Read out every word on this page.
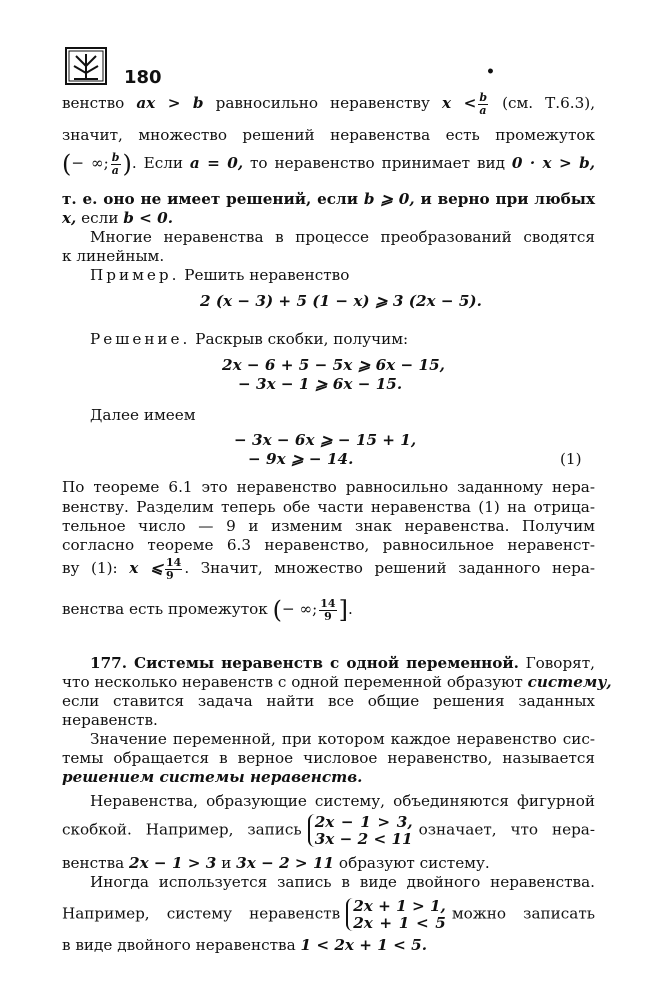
180	•
венство ax > b равносильно неравенству $x < \frac{b}{a} (см$. Т.6.3),
значит, множество решений неравенства есть промежуток
(− ∞; $\frac{b}{a}$ ). Если a = 0, то неравенство принимает вид 0 · x > b,
т. е. оно не имеет решений, если b ⩾ 0, и верно при любых
x, если b < 0.
Многие неравенства в процессе преобразований сводятся
к линейным.
Пример. Решить неравенство
2 (x − 3) + 5 (1 − x) ⩾ 3 (2x − 5).
Решение. Раскрыв скобки, получим:
2x − 6 + 5 − 5x ⩾ 6x − 15,
− 3x − 1 ⩾ 6x − 15.
Далее имеем
− 3x − 6x ⩾ − 15 + 1,
− 9x ⩾ − 14.	(1)
По теореме 6.1 это неравенство равносильно заданному нера-
венству. Разделим теперь обе части неравенства (1) на отрица-
тельное число — 9 и изменим знак неравенства. Получим
согласно теореме 6.3 неравенство, равносильное неравенст-
ву (1): x ⩽ $\frac{14}{9}$ . Значит, множество решений заданного нера-
венства есть промежуток (− ∞; $\frac{14}{9}$ ].
177. Системы неравенств с одной переменной. Говорят,
что несколько неравенств с одной переменной образуют систему,
если ставится задача найти все общие решения заданных
неравенств.
Значение переменной, при котором каждое неравенство сис-
темы обращается в верное числовое неравенство, называется
решением системы неравенств.
Неравенства, образующие систему, объединяются фигурной
скобкой. Например, запись 2x − 1 > 3,
3x − 2 < 11 означает, что нера-
венства 2x − 1 > 3 и 3x − 2 > 11 образуют систему.
Иногда используется запись в виде двойного неравенства.
Например, систему неравенств 2x + 1 > 1,
2x + 1 < 5 можно записать
в виде двойного неравенства 1 < 2x + 1 < 5.
